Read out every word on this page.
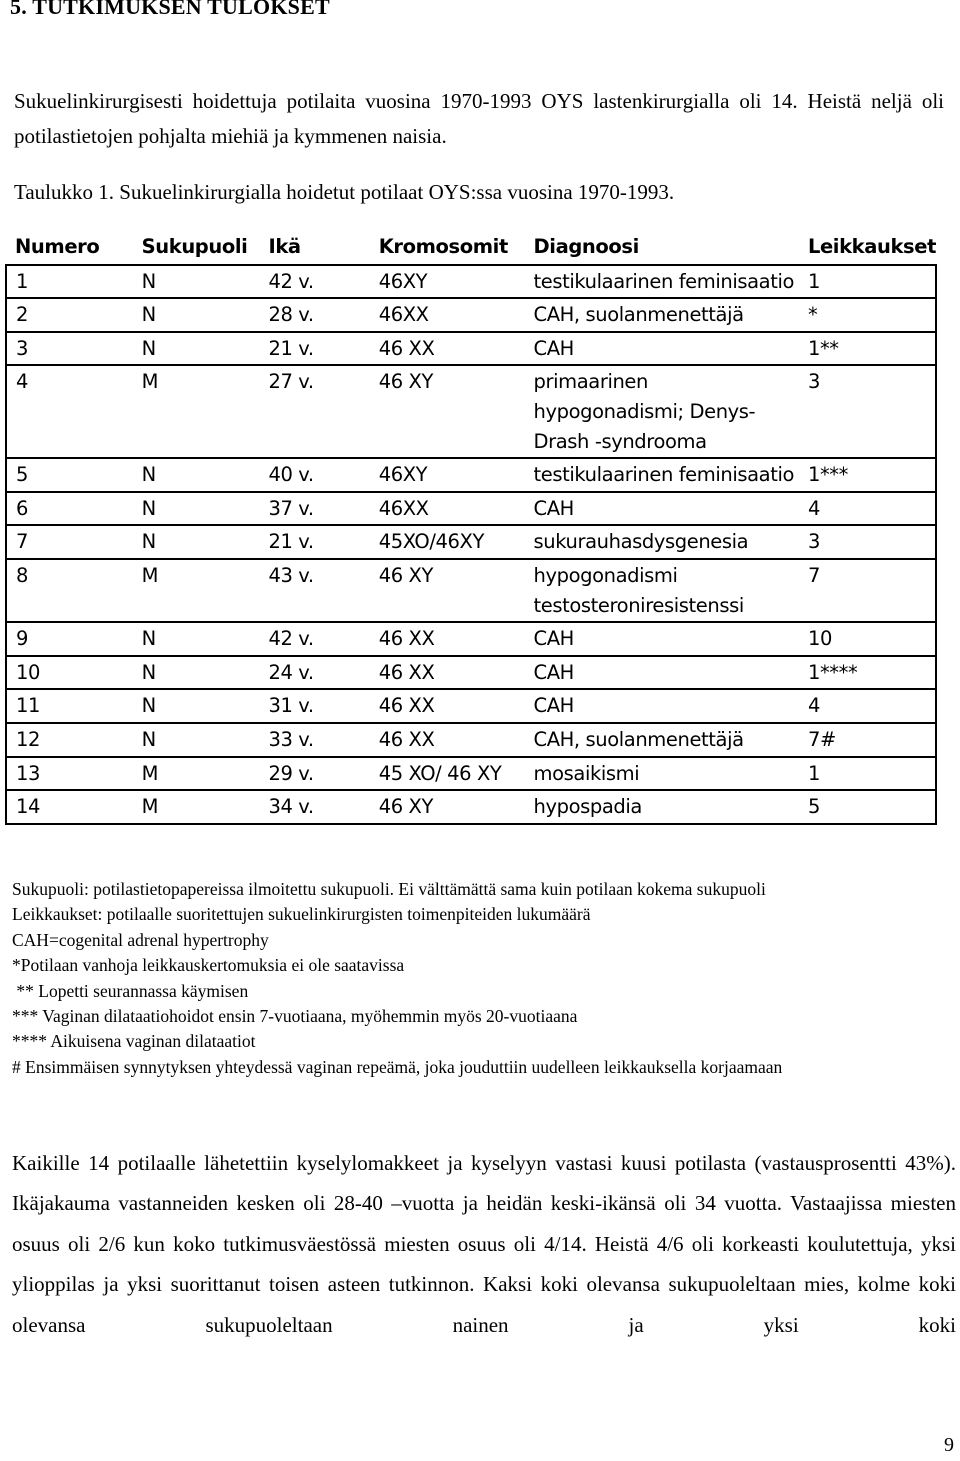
5. TUTKIMUKSEN TULOKSET

Sukuelinkirurgisesti hoidettuja potilaita vuosina 1970-1993 OYS lastenkirurgialla oli 14. Heistä neljä oli potilastietojen pohjalta miehiä ja kymmenen naisia.

Taulukko 1. Sukuelinkirurgialla hoidetut potilaat OYS:ssa vuosina 1970-1993.

Numero	Sukupuoli	Ikä	Kromosomit	Diagnoosi	Leikkaukset
1	N	42 v.	46XY	testikulaarinen feminisaatio	1
2	N	28 v.	46XX	CAH, suolanmenettäjä	*
3	N	21 v.	46 XX	CAH	1**
4	M	27 v.	46 XY	primaarinen hypogonadismi; Denys-Drash -syndrooma	3
5	N	40 v.	46XY	testikulaarinen feminisaatio	1***
6	N	37 v.	46XX	CAH	4
7	N	21 v.	45XO/46XY	sukurauhasdysgenesia	3
8	M	43 v.	46 XY	hypogonadismi testosteroniresistenssi	7
9	N	42 v.	46 XX	CAH	10
10	N	24 v.	46 XX	CAH	1****
11	N	31 v.	46 XX	CAH	4
12	N	33 v.	46 XX	CAH, suolanmenettäjä	7#
13	M	29 v.	45 XO/ 46 XY	mosaikismi	1
14	M	34 v.	46 XY	hypospadia	5

Sukupuoli: potilastietopapereissa ilmoitettu sukupuoli. Ei välttämättä sama kuin potilaan kokema sukupuoli

Leikkaukset: potilaalle suoritettujen sukuelinkirurgisten toimenpiteiden lukumäärä

CAH=cogenital adrenal hypertrophy

*Potilaan vanhoja leikkauskertomuksia ei ole saatavissa

** Lopetti seurannassa käymisen

*** Vaginan dilataatiohoidot ensin 7-vuotiaana, myöhemmin myös 20-vuotiaana

**** Aikuisena vaginan dilataatiot

# Ensimmäisen synnytyksen yhteydessä vaginan repeämä, joka jouduttiin uudelleen leikkauksella korjaamaan

Kaikille 14 potilaalle lähetettiin kyselylomakkeet ja kyselyyn vastasi kuusi potilasta (vastausprosentti 43%). Ikäjakauma vastanneiden kesken oli 28-40 –vuotta ja heidän keski-ikänsä oli 34 vuotta. Vastaajissa miesten osuus oli 2/6 kun koko tutkimusväestössä miesten osuus oli 4/14. Heistä 4/6 oli korkeasti koulutettuja, yksi ylioppilas ja yksi suorittanut toisen asteen tutkinnon. Kaksi koki olevansa sukupuoleltaan mies, kolme koki olevansa sukupuoleltaan nainen ja yksi koki

9
